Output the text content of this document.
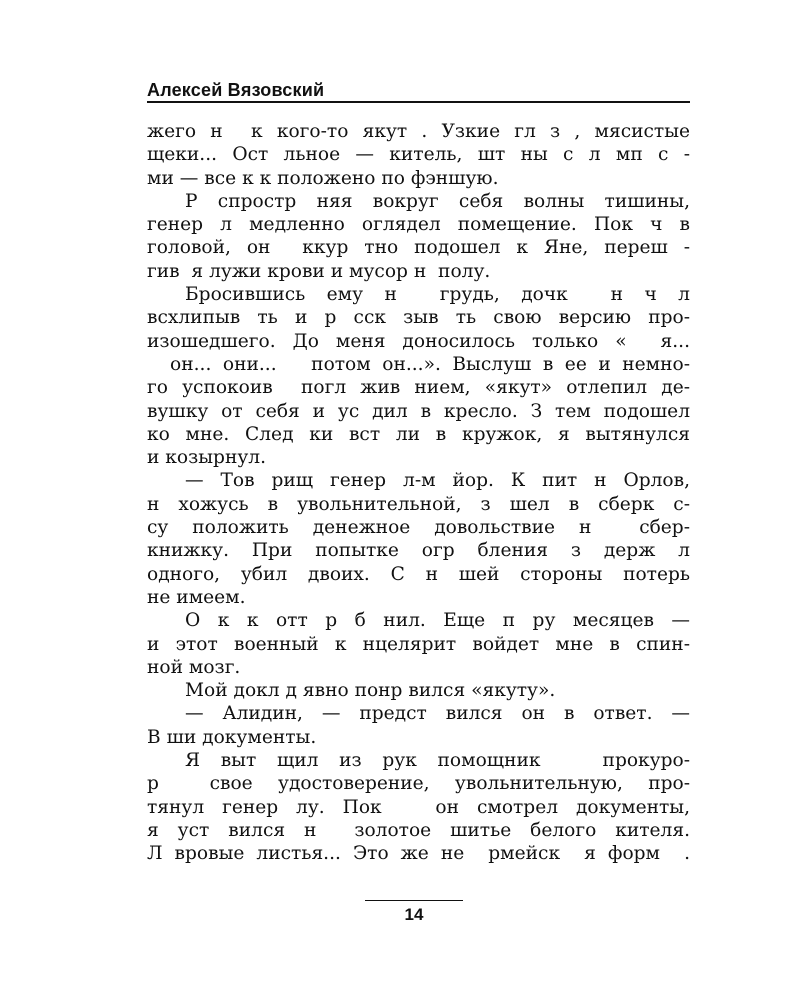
Алексей Вязовский
жего н  к кого-то якут . Узкие гл з , мясистые
щеки... Ост льное — китель, шт ны с л мп с -
ми — все к к положено по фэншую.
Р спростр няя вокруг себя волны тишины,
генер л медленно оглядел помещение. Пок ч в
головой, он  ккур тно подошел к Яне, переш -
гив  я лужи крови и мусор н  полу.
Бросившись ему н  грудь, дочк  н ч л
всхлипыв ть и р сск зыв ть свою версию про-
изошедшего. До меня доносилось только «  я...
он... они...   потом он...». Выслуш в ее и немно-
го успокоив  погл жив нием, «якут» отлепил де-
вушку от себя и ус дил в кресло. З тем подошел
ко мне. След ки вст ли в кружок, я вытянулся
и козырнул.
— Тов рищ генер л-м йор. К пит н Орлов,
н хожусь в увольнительной, з шел в сберк с-
су положить денежное довольствие н  сбер-
книжку. При попытке огр бления з держ л
одного, убил двоих. С н шей стороны потерь
не имеем.
О к к отт р б нил. Еще п ру месяцев —
и этот военный к нцелярит войдет мне в спин-
ной мозг.
Мой докл д явно понр вился «якуту».
— Алидин, — предст вился он в ответ. —
В ши документы.
Я выт щил из рук помощник   прокуро-
р  свое удостоверение, увольнительную, про-
тянул генер лу. Пок   он смотрел документы,
я уст вился н  золотое шитье белого кителя.
Л вровые листья... Это же не  рмейск  я форм  .
14
